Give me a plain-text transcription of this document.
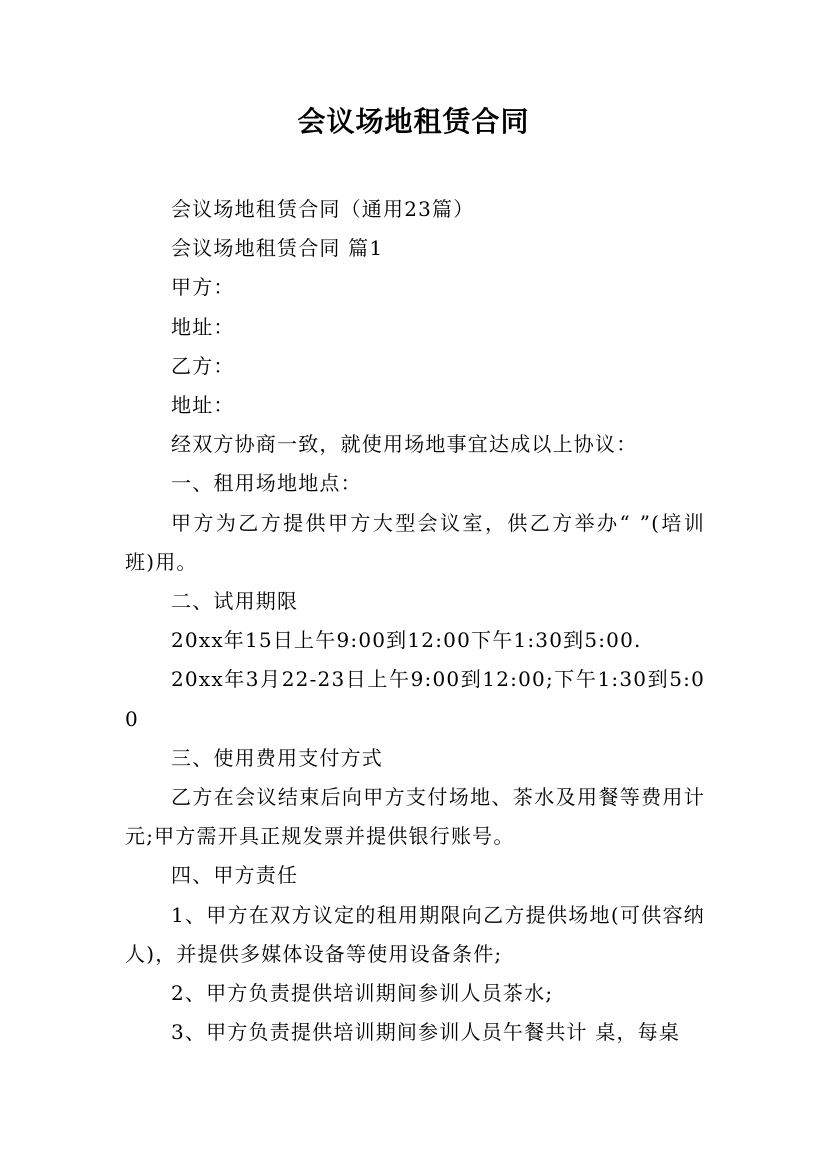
会议场地租赁合同

会议场地租赁合同（通用23篇）

会议场地租赁合同 篇1

甲方：

地址：

乙方：

地址：

经双方协商一致，就使用场地事宜达成以上协议：

一、租用场地地点：

甲方为乙方提供甲方大型会议室，供乙方举办“ ”(培训班)用。

二、试用期限

20xx年15日上午9:00到12:00下午1:30到5:00.

20xx年3月22-23日上午9:00到12:00;下午1:30到5:00

三、使用费用支付方式

乙方在会议结束后向甲方支付场地、茶水及用餐等费用计元;甲方需开具正规发票并提供银行账号。

四、甲方责任

1、甲方在双方议定的租用期限向乙方提供场地(可供容纳人)，并提供多媒体设备等使用设备条件;

2、甲方负责提供培训期间参训人员茶水;

3、甲方负责提供培训期间参训人员午餐共计 桌，每桌
